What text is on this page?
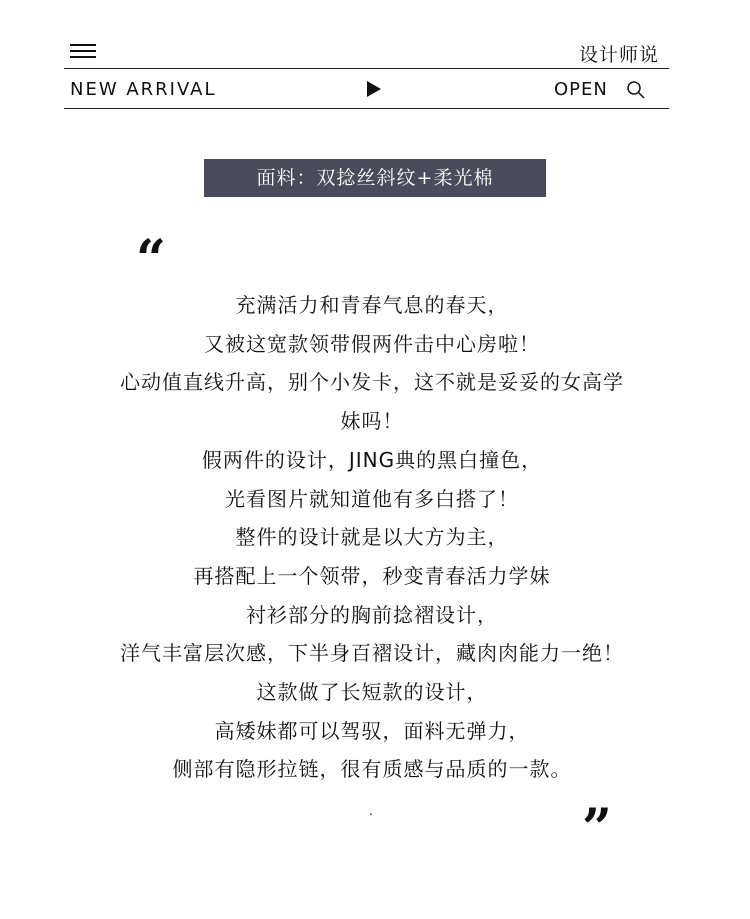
设计师说
NEW ARRIVAL	OPEN
面料：双捻丝斜纹+柔光棉
“
充满活力和青春气息的春天，
又被这宽款领带假两件击中心房啦！
心动值直线升高，别个小发卡，这不就是妥妥的女高学
妹吗！
假两件的设计，JING典的黑白撞色，
光看图片就知道他有多白搭了！
整件的设计就是以大方为主，
再搭配上一个领带，秒变青春活力学妹
衬衫部分的胸前捻褶设计，
洋气丰富层次感，下半身百褶设计，藏肉肉能力一绝！
这款做了长短款的设计，
高矮妹都可以驾驭，面料无弹力，
侧部有隐形拉链，很有质感与品质的一款。
.	”
